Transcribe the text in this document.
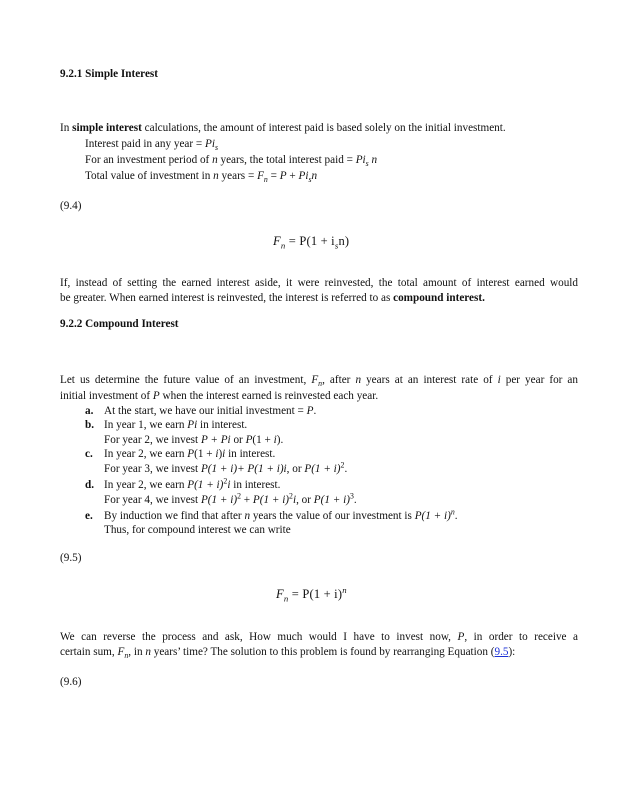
9.2.1 Simple Interest
In simple interest calculations, the amount of interest paid is based solely on the initial investment.
Interest paid in any year = $Pi_s$
For an investment period of n years, the total interest paid = $Pi_s$ n
Total value of investment in n years = $F_n = P + Pi_sn$
(9.4)
$F_n = P(1 + i_sn)$
If, instead of setting the earned interest aside, it were reinvested, the total amount of interest earned would
be greater. When earned interest is reinvested, the interest is referred to as compound interest.
9.2.2 Compound Interest
Let us determine the future value of an investment, $F_n$, after n years at an interest rate of i per year for an
initial investment of P when the interest earned is reinvested each year.
a. At the start, we have our initial investment = P.
b. In year 1, we earn Pi in interest.
For year 2, we invest P + Pi or P(1 + i).
c. In year 2, we earn P(1 + i)i in interest.
For year 3, we invest P(1 + i)+ P(1 + i)i, or $P(1 + i)^2$.
d. In year 2, we earn $P(1 + i)^2i$ in interest.
For year 4, we invest $P(1 + i)^2 + P(1 + i)^2i$, or $P(1 + i)^3$.
e. By induction we find that after n years the value of our investment is $P(1 + i)^n$.
Thus, for compound interest we can write
(9.5)
$F_n = P(1 + i)^n$
We can reverse the process and ask, How much would I have to invest now, P, in order to receive a
certain sum, $F_n$, in n years’ time? The solution to this problem is found by rearranging Equation (9.5):
(9.6)
